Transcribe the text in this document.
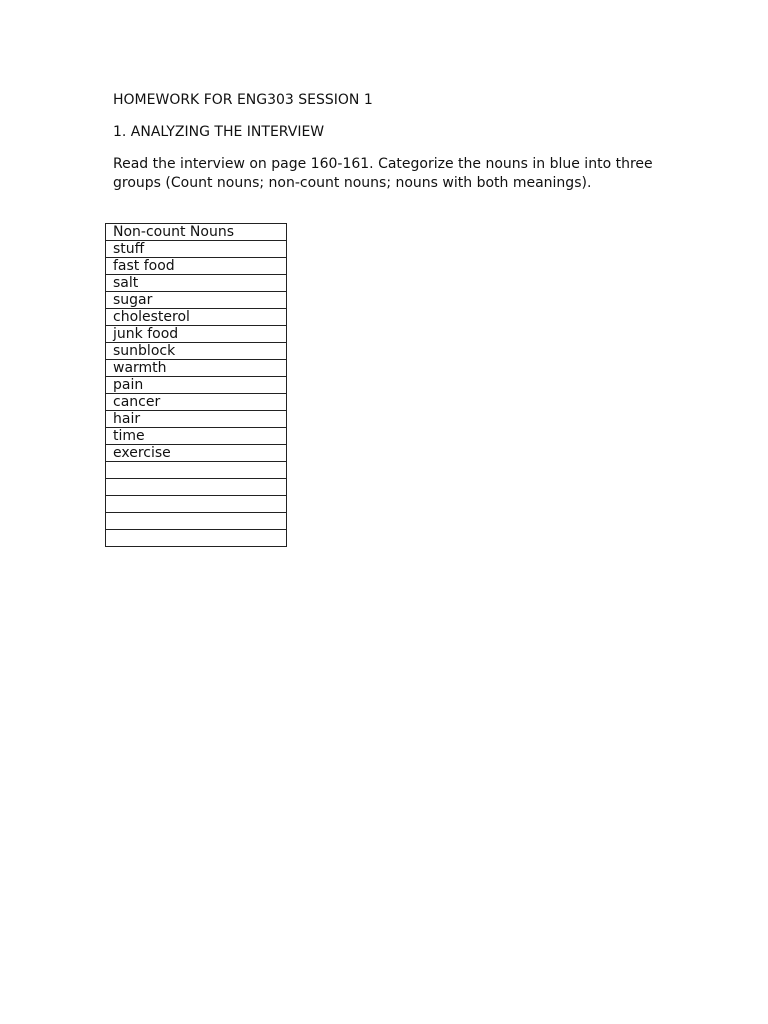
HOMEWORK FOR ENG303 SESSION 1

1. ANALYZING THE INTERVIEW

Read the interview on page 160-161. Categorize the nouns in blue into three groups (Count nouns; non-count nouns; nouns with both meanings).

Non-count Nouns
stuff
fast food
salt
sugar
cholesterol
junk food
sunblock
warmth
pain
cancer
hair
time
exercise
